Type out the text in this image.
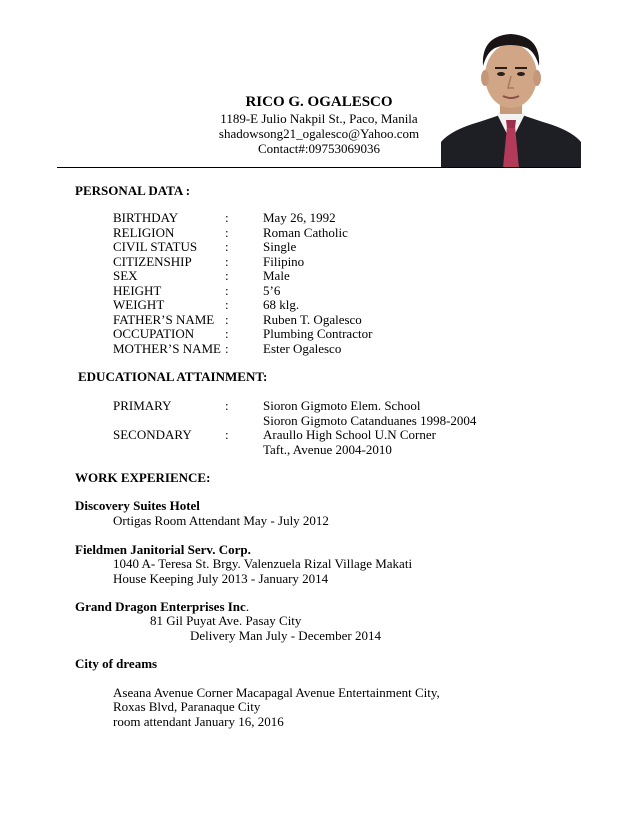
RICO G. OGALESCO
1189-E Julio Nakpil St., Paco, Manila
shadowsong21_ogalesco@Yahoo.com
Contact#:09753069036
PERSONAL DATA :
BIRTHDAY	:	May 26, 1992
RELIGION	:	Roman Catholic
CIVIL STATUS :	Single
CITIZENSHIP	:	Filipino
SEX	:	Male
HEIGHT	:	5’6
WEIGHT	:	68 klg.
FATHER’S NAME :	Ruben T. Ogalesco
OCCUPATION :	Plumbing Contractor
MOTHER’S NAME :	Ester Ogalesco
EDUCATIONAL ATTAINMENT:
PRIMARY	:	Sioron Gigmoto Elem. School
Sioron Gigmoto Catanduanes 1998-2004
SECONDARY	:	Araullo High School U.N Corner
Taft., Avenue 2004-2010
WORK EXPERIENCE:
Discovery Suites Hotel
Ortigas Room Attendant May - July 2012
Fieldmen Janitorial Serv. Corp.
1040 A- Teresa St. Brgy. Valenzuela Rizal Village Makati
House Keeping July 2013 - January 2014
Grand Dragon Enterprises Inc.
81 Gil Puyat Ave. Pasay City
Delivery Man July - December 2014
City of dreams
Aseana Avenue Corner Macapagal Avenue Entertainment City,
Roxas Blvd, Paranaque City
room attendant January 16, 2016
